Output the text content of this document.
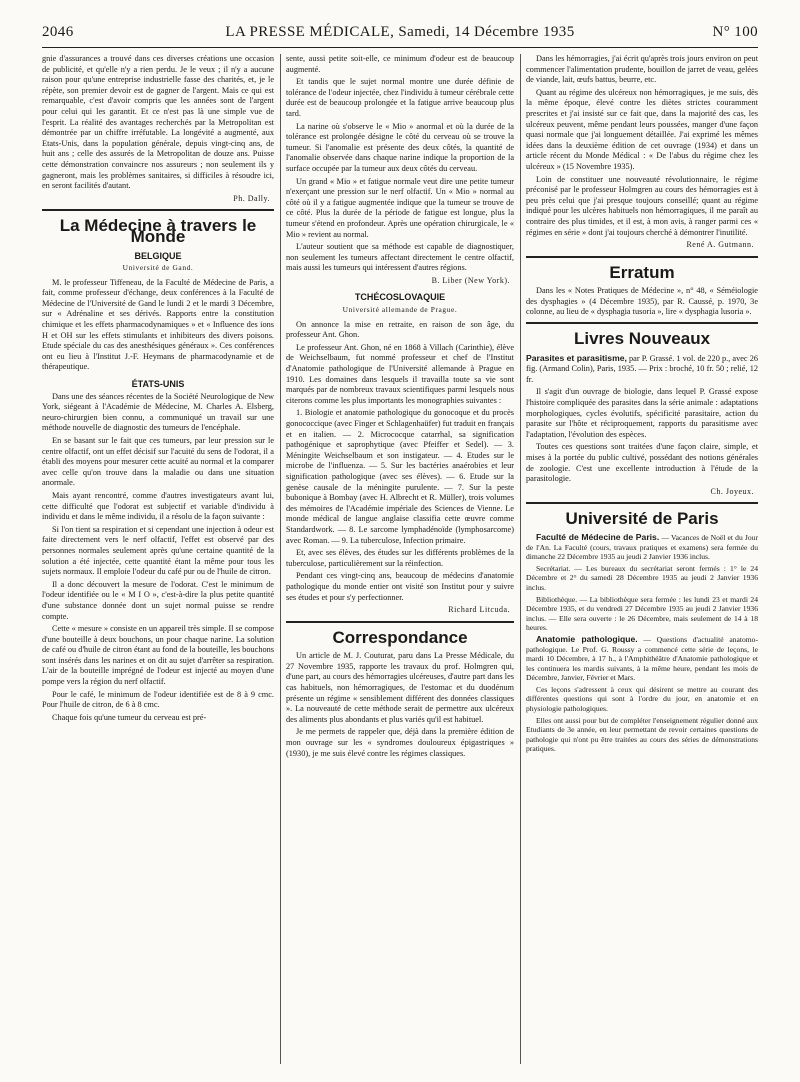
2046	LA PRESSE MÉDICALE, Samedi, 14 Décembre 1935	N° 100

gnie d'assurances a trouvé dans ces diverses créations une occasion de publicité, et qu'elle n'y a rien perdu. Je le veux ; il n'y a aucune raison pour qu'une entreprise industrielle fasse des charités, et, je le répète, son premier devoir est de gagner de l'argent. Mais ce qui est remarquable, c'est d'avoir compris que les années sont de l'argent pour celui qui les garantit. Et ce n'est pas là une simple vue de l'esprit. La réalité des avantages recherchés par la Metropolitan est démontrée par un chiffre irréfutable. La longévité a augmenté, aux Etats-Unis, dans la population générale, depuis vingt-cinq ans, de huit ans ; celle des assurés de la Metropolitan de douze ans. Puisse cette démonstration convaincre nos assureurs ; non seulement ils y gagneront, mais les problèmes sanitaires, si difficiles à résoudre ici, en seront facilités d'autant.

Ph. Dally.
La Médecine à travers le Monde
BELGIQUE
Université de Gand.

M. le professeur Tiffeneau, de la Faculté de Médecine de Paris, a fait, comme professeur d'échange, deux conférences à la Faculté de Médecine de l'Université de Gand le lundi 2 et le mardi 3 Décembre, sur « Adrénaline et ses dérivés. Rapports entre la constitution chimique et les effets pharmacodynamiques » et « Influence des ions H et OH sur les effets stimulants et inhibiteurs des divers poisons. Etude spéciale du cas des anesthésiques généraux ». Ces conférences ont eu lieu à l'Institut J.-F. Heymans de pharmacodynamie et de thérapeutique.

ÉTATS-UNIS

Dans une des séances récentes de la Société Neurologique de New York, siégeant à l'Académie de Médecine, M. Charles A. Elsberg, neuro-chirurgien bien connu, a communiqué un travail sur une méthode nouvelle de diagnostic des tumeurs de l'encéphale.

En se basant sur le fait que ces tumeurs, par leur pression sur le centre olfactif, ont un effet décisif sur l'acuité du sens de l'odorat, il a établi des moyens pour mesurer cette acuité au normal et la comparer avec celle qu'on trouve dans la maladie ou dans une situation anormale.

Mais ayant rencontré, comme d'autres investigateurs avant lui, cette difficulté que l'odorat est subjectif et variable d'individu à individu et dans le même individu, il a résolu de la façon suivante :

Si l'on tient sa respiration et si cependant une injection à odeur est faite directement vers le nerf olfactif, l'effet est observé par des personnes normales seulement après qu'une certaine quantité de la solution a été injectée, cette quantité étant la même pour tous les sujets normaux. Il emploie l'odeur du café pur ou de l'huile de citron.

Il a donc découvert la mesure de l'odorat. C'est le minimum de l'odeur identifiée ou le « M I O », c'est-à-dire la plus petite quantité d'une substance donnée dont un sujet normal puisse se rendre compte.

Cette « mesure » consiste en un appareil très simple. Il se compose d'une bouteille à deux bouchons, un pour chaque narine. La solution de café ou d'huile de citron étant au fond de la bouteille, les bouchons sont insérés dans les narines et on dit au sujet d'arrêter sa respiration. L'air de la bouteille imprégné de l'odeur est injecté au moyen d'une pompe vers la région du nerf olfactif.

Pour le café, le minimum de l'odeur identifiée est de 8 à 9 cmc. Pour l'huile de citron, de 6 à 8 cmc.

Chaque fois qu'une tumeur du cerveau est pré-

sente, aussi petite soit-elle, ce minimum d'odeur est de beaucoup augmenté.

Et tandis que le sujet normal montre une durée définie de tolérance de l'odeur injectée, chez l'individu à tumeur cérébrale cette durée est de beaucoup prolongée et la fatigue arrive beaucoup plus tard.

La narine où s'observe le « Mio » anormal et où la durée de la tolérance est prolongée désigne le côté du cerveau où se trouve la tumeur. Si l'anomalie est présente des deux côtés, la quantité de l'anomalie observée dans chaque narine indique la proportion de la surface occupée par la tumeur aux deux côtés du cerveau.

Un grand « Mio » et fatigue normale veut dire une petite tumeur n'exerçant une pression sur le nerf olfactif. Un « Mio » normal au côté où il y a fatigue augmentée indique que la tumeur se trouve de ce côté. Plus la durée de la période de fatigue est longue, plus la tumeur s'étend en profondeur. Après une opération chirurgicale, le « Mio » revient au normal.

L'auteur soutient que sa méthode est capable de diagnostiquer, non seulement les tumeurs affectant directement le centre olfactif, mais aussi les tumeurs qui intéressent d'autres régions.

B. Liber (New York).
TCHÉCOSLOVAQUIE
Université allemande de Prague.

On annonce la mise en retraite, en raison de son âge, du professeur Ant. Ghon.

Le professeur Ant. Ghon, né en 1868 à Villach (Carinthie), élève de Weichselbaum, fut nommé professeur et chef de l'Institut d'Anatomie pathologique de l'Université allemande à Prague en 1910. Les domaines dans lesquels il travailla toute sa vie sont marqués par de nombreux travaux scientifiques parmi lesquels nous citerons comme les plus importants les monographies suivantes :

1. Biologie et anatomie pathologique du gonocoque et du procès gonococcique (avec Finger et Schlagenhaüfer) fut traduit en français et en italien. — 2. Micrococque catarrhal, sa signification pathogénique et saprophytique (avec Pfeiffer et Sedel). — 3. Méningite Weichselbaum et son instigateur. — 4. Etudes sur le microbe de l'influenza. — 5. Sur les bactéries anaérobies et leur signification pathologique (avec ses élèves). — 6. Etude sur la genèse causale de la méningite purulente. — 7. Sur la peste bubonique à Bombay (avec H. Albrecht et R. Müller), trois volumes des mémoires de l'Académie impériale des Sciences de Vienne. Le monde médical de langue anglaise classifia cette œuvre comme Standardwork. — 8. Le sarcome lymphadénoïde (lymphosarcome) avec Roman. — 9. La tuberculose, Infection primaire.

Et, avec ses élèves, des études sur les différents problèmes de la tuberculose, particulièrement sur la réinfection.

Pendant ces vingt-cinq ans, beaucoup de médecins d'anatomie pathologique du monde entier ont visité son Institut pour y suivre ses études et pour s'y perfectionner.

Richard Litcuda.
Correspondance

Un article de M. J. Couturat, paru dans La Presse Médicale, du 27 Novembre 1935, rapporte les travaux du prof. Holmgren qui, d'une part, au cours des hémorragies ulcéreuses, d'autre part dans les cas habituels, non hémorragiques, de l'estomac et du duodénum présente un régime « sensiblement différent des données classiques ». La nouveauté de cette méthode serait de permettre aux ulcéreux des aliments plus abondants et plus variés qu'il est habituel.

Je me permets de rappeler que, déjà dans la première édition de mon ouvrage sur les « syndromes douloureux épigastriques » (1930), je me suis élevé contre les régimes classiques.

Dans les hémorragies, j'ai écrit qu'après trois jours environ on peut commencer l'alimentation prudente, bouillon de jarret de veau, gelées de viande, lait, œufs battus, beurre, etc.

Quant au régime des ulcéreux non hémorragiques, je me suis, dès la même époque, élevé contre les diètes strictes couramment prescrites et j'ai insisté sur ce fait que, dans la majorité des cas, les ulcéreux peuvent, même pendant leurs poussées, manger d'une façon quasi normale que j'ai longuement détaillée. J'ai exprimé les mêmes idées dans la deuxième édition de cet ouvrage (1934) et dans un article récent du Monde Médical : « De l'abus du régime chez les ulcéreux » (15 Novembre 1935).

Loin de constituer une nouveauté révolutionnaire, le régime préconisé par le professeur Holmgren au cours des hémorragies est à peu près celui que j'ai presque toujours conseillé; quant au régime indiqué pour les ulcères habituels non hémorragiques, il me paraît au contraire des plus timides, et il est, à mon avis, à ranger parmi ces « régimes en série » dont j'ai toujours cherché à démontrer l'inutilité.

René A. Gutmann.
Erratum

Dans les « Notes Pratiques de Médecine », n° 48, « Séméiologie des dysphagies » (4 Décembre 1935), par R. Caussé, p. 1970, 3e colonne, au lieu de « dysphagia tusoria », lire « dysphagia lusoria ».

Livres Nouveaux

Parasites et parasitisme, par P. Grassé. 1 vol. de 220 p., avec 26 fig. (Armand Colin), Paris, 1935. — Prix : broché, 10 fr. 50 ; relié, 12 fr.

Il s'agit d'un ouvrage de biologie, dans lequel P. Grassé expose l'histoire compliquée des parasites dans la série animale : adaptations morphologiques, cycles évolutifs, spécificité parasitaire, action du parasite sur l'hôte et réciproquement, rapports du parasitisme avec l'adaptation, l'évolution des espèces.

Toutes ces questions sont traitées d'une façon claire, simple, et mises à la portée du public cultivé, possédant des notions générales de zoologie. C'est une excellente introduction à l'étude de la parasitologie.

Ch. Joyeux.
Université de Paris

Faculté de Médecine de Paris. — Vacances de Noël et du Jour de l'An. La Faculté (cours, travaux pratiques et examens) sera fermée du dimanche 22 Décembre 1935 au jeudi 2 Janvier 1936 inclus.

Secrétariat. — Les bureaux du secrétariat seront fermés : 1° le 24 Décembre et 2° du samedi 28 Décembre 1935 au jeudi 2 Janvier 1936 inclus.

Bibliothèque. — La bibliothèque sera fermée : les lundi 23 et mardi 24 Décembre 1935, et du vendredi 27 Décembre 1935 au jeudi 2 Janvier 1936 inclus. — Elle sera ouverte : le 26 Décembre, mais seulement de 14 à 18 heures.

Anatomie pathologique. — Questions d'actualité anatomo-pathologique. Le Prof. G. Roussy a commencé cette série de leçons, le mardi 10 Décembre, à 17 h., à l'Amphithéâtre d'Anatomie pathologique et les continuera les mardis suivants, à la même heure, pendant les mois de Décembre, Janvier, Février et Mars.

Ces leçons s'adressent à ceux qui désirent se mettre au courant des différentes questions qui sont à l'ordre du jour, en anatomie et en physiologie pathologiques.

Elles ont aussi pour but de compléter l'enseignement régulier donné aux Etudiants de 3e année, en leur permettant de revoir certaines questions de pathologie qui n'ont pu être traitées au cours des séries de démonstrations pratiques.
